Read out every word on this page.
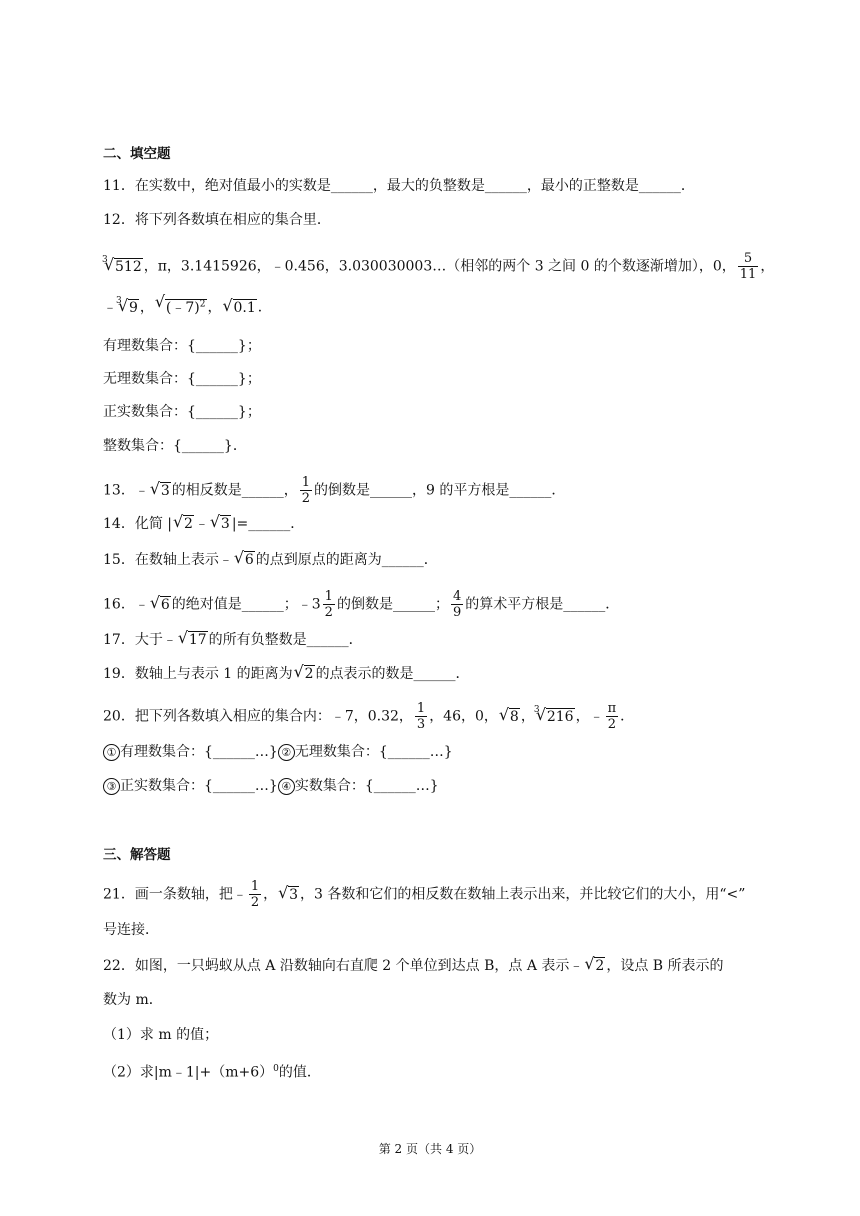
二、填空题
11．在实数中，绝对值最小的实数是______，最大的负整数是______，最小的正整数是______．
12．将下列各数填在相应的集合里．
√ 3 512 ，π，3.1415926，﹣0.456，3.030030003…（相邻的两个 3 之间 0 的个数逐渐增加），0， $\frac{5}{11}$ ，
﹣ √ 3 9 ， √ (﹣7)$^2$ ， √ 0.1 ．
有理数集合：{______}；
无理数集合：{______}；
正实数集合：{______}；
整数集合：{______}．
13．﹣ √ 3 的相反数是______， $\frac{1}{2}$ 的倒数是______，9 的平方根是______．
14．化简 | √ 2 ﹣ √ 3 |=______．
15．在数轴上表示﹣ √ 6 的点到原点的距离为______．
16．﹣ √ 6 的绝对值是______；﹣3 $\frac{1}{2}$ 的倒数是______； $\frac{4}{9}$ 的算术平方根是______．
17．大于﹣ √ 17 的所有负整数是______．
19．数轴上与表示 1 的距离为 √ 2 的点表示的数是______．
20．把下列各数填入相应的集合内：﹣7，0.32， $\frac{1}{3}$ ，46，0， √ 8 ， √ 3 216 ，﹣ $\frac{\pi}{2}$ ．
① 有理数集合：{______…} ② 无理数集合：{______…}
③ 正实数集合：{______…} ④ 实数集合：{______…}
三、解答题
21．画一条数轴，把﹣ $\frac{1}{2}$ ， √ 3 ，3 各数和它们的相反数在数轴上表示出来，并比较它们的大小，用“<”
号连接．
22．如图，一只蚂蚁从点 A 沿数轴向右直爬 2 个单位到达点 B，点 A 表示﹣ √ 2 ，设点 B 所表示的
数为 m．
（1）求 m 的值；
（2）求$|m﹣1|+(m+6)^0$的值．
第 2 页（共 4 页）
